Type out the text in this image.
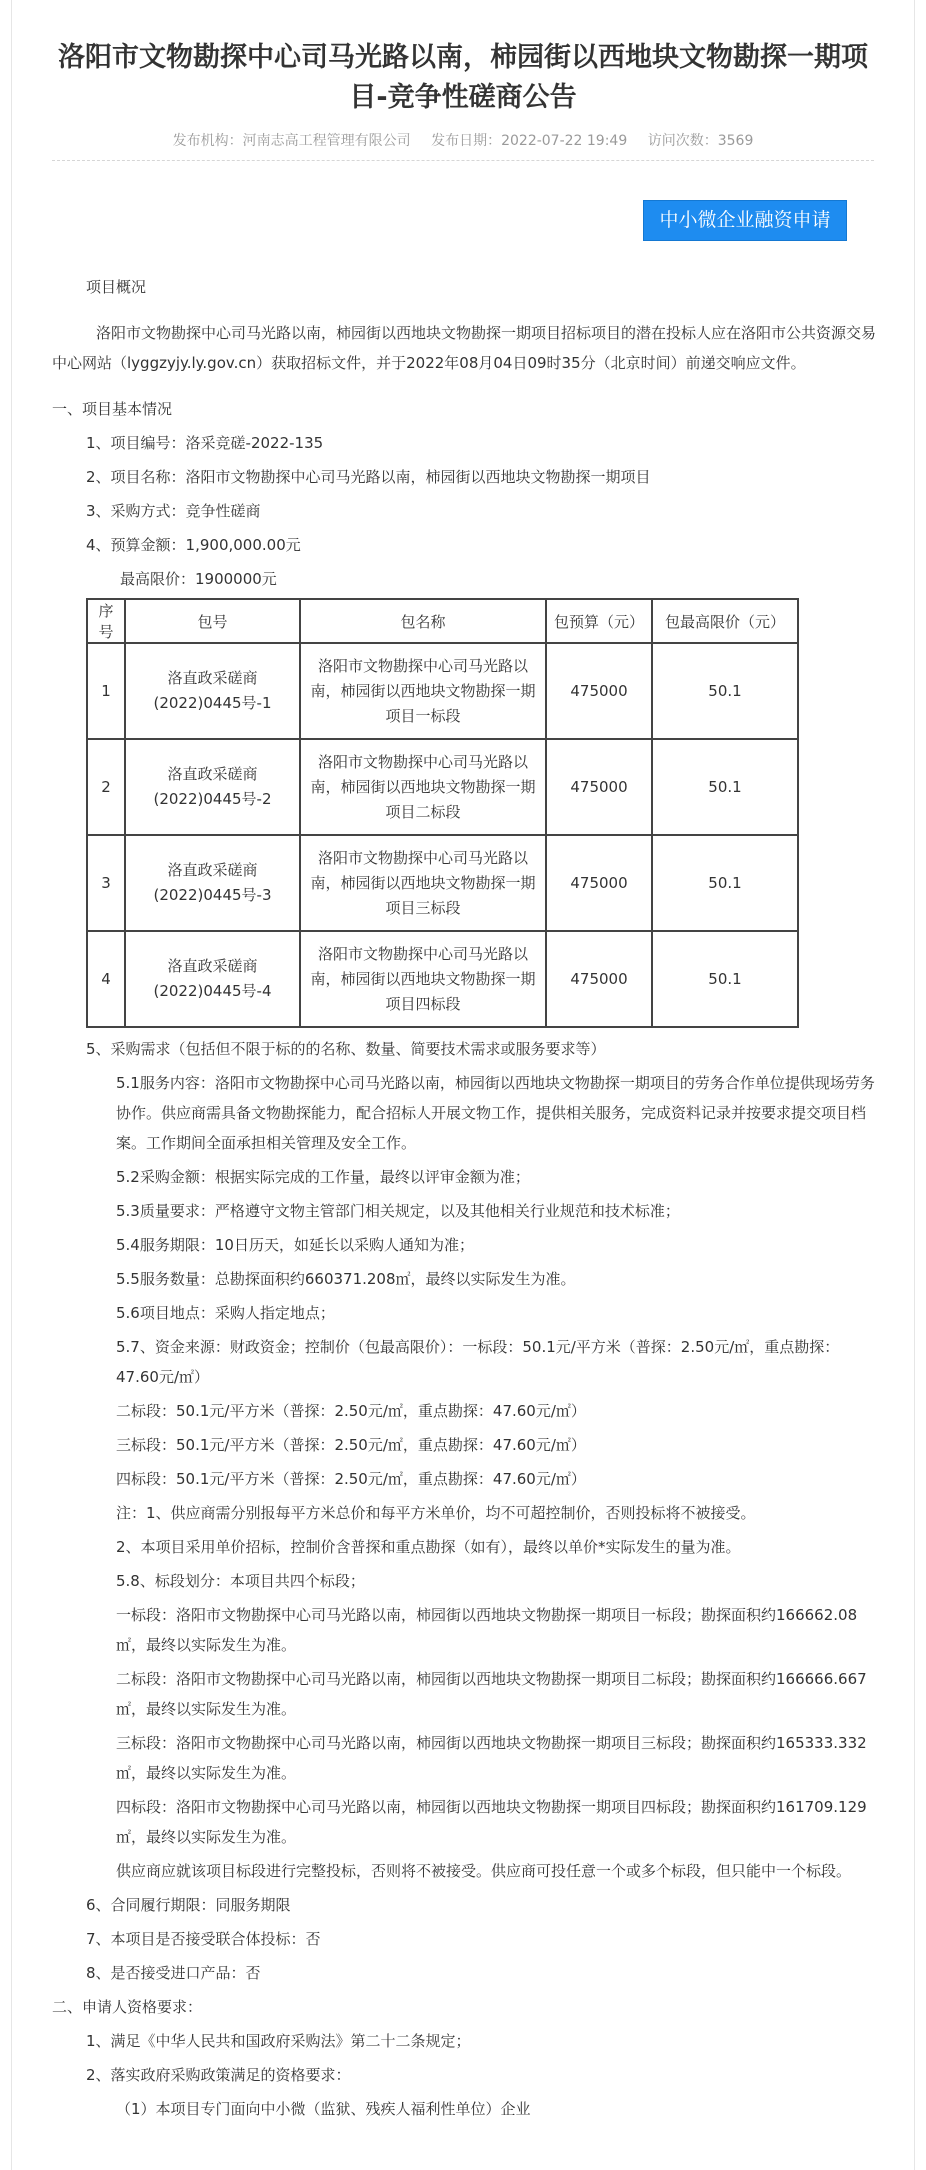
洛阳市文物勘探中心司马光路以南，柿园街以西地块文物勘探一期项目-竞争性磋商公告
发布机构：河南志高工程管理有限公司 发布日期：2022-07-22 19:49 访问次数：3569
中小微企业融资申请
项目概况
洛阳市文物勘探中心司马光路以南，柿园街以西地块文物勘探一期项目招标项目的潜在投标人应在洛阳市公共资源交易中心网站（lyggzyjy.ly.gov.cn）获取招标文件，并于2022年08月04日09时35分（北京时间）前递交响应文件。
一、项目基本情况
1、项目编号：洛采竞磋-2022-135
2、项目名称：洛阳市文物勘探中心司马光路以南，柿园街以西地块文物勘探一期项目
3、采购方式：竞争性磋商
4、预算金额：1,900,000.00元
最高限价：1900000元
序号	包号	包名称	包预算（元）	包最高限价（元）
1	洛直政采磋商(2022)0445号-1	洛阳市文物勘探中心司马光路以南，柿园街以西地块文物勘探一期项目一标段	475000	50.1
2	洛直政采磋商(2022)0445号-2	洛阳市文物勘探中心司马光路以南，柿园街以西地块文物勘探一期项目二标段	475000	50.1
3	洛直政采磋商(2022)0445号-3	洛阳市文物勘探中心司马光路以南，柿园街以西地块文物勘探一期项目三标段	475000	50.1
4	洛直政采磋商(2022)0445号-4	洛阳市文物勘探中心司马光路以南，柿园街以西地块文物勘探一期项目四标段	475000	50.1
5、采购需求（包括但不限于标的的名称、数量、简要技术需求或服务要求等）
5.1服务内容：洛阳市文物勘探中心司马光路以南，柿园街以西地块文物勘探一期项目的劳务合作单位提供现场劳务协作。供应商需具备文物勘探能力，配合招标人开展文物工作，提供相关服务，完成资料记录并按要求提交项目档案。工作期间全面承担相关管理及安全工作。
5.2采购金额：根据实际完成的工作量，最终以评审金额为准；
5.3质量要求：严格遵守文物主管部门相关规定，以及其他相关行业规范和技术标准；
5.4服务期限：10日历天，如延长以采购人通知为准；
5.5服务数量：总勘探面积约660371.208㎡，最终以实际发生为准。
5.6项目地点：采购人指定地点；
5.7、资金来源：财政资金；控制价（包最高限价）：一标段：50.1元/平方米（普探：2.50元/㎡，重点勘探：47.60元/㎡）
二标段：50.1元/平方米（普探：2.50元/㎡，重点勘探：47.60元/㎡）
三标段：50.1元/平方米（普探：2.50元/㎡，重点勘探：47.60元/㎡）
四标段：50.1元/平方米（普探：2.50元/㎡，重点勘探：47.60元/㎡）
注：1、供应商需分别报每平方米总价和每平方米单价，均不可超控制价，否则投标将不被接受。
2、本项目采用单价招标，控制价含普探和重点勘探（如有），最终以单价*实际发生的量为准。
5.8、标段划分：本项目共四个标段；
一标段：洛阳市文物勘探中心司马光路以南，柿园街以西地块文物勘探一期项目一标段；勘探面积约166662.08㎡，最终以实际发生为准。
二标段：洛阳市文物勘探中心司马光路以南，柿园街以西地块文物勘探一期项目二标段；勘探面积约166666.667㎡，最终以实际发生为准。
三标段：洛阳市文物勘探中心司马光路以南，柿园街以西地块文物勘探一期项目三标段；勘探面积约165333.332㎡，最终以实际发生为准。
四标段：洛阳市文物勘探中心司马光路以南，柿园街以西地块文物勘探一期项目四标段；勘探面积约161709.129㎡，最终以实际发生为准。
供应商应就该项目标段进行完整投标，否则将不被接受。供应商可投任意一个或多个标段，但只能中一个标段。
6、合同履行期限：同服务期限
7、本项目是否接受联合体投标：否
8、是否接受进口产品：否
二、申请人资格要求：
1、满足《中华人民共和国政府采购法》第二十二条规定；
2、落实政府采购政策满足的资格要求：
（1）本项目专门面向中小微（监狱、残疾人福利性单位）企业
